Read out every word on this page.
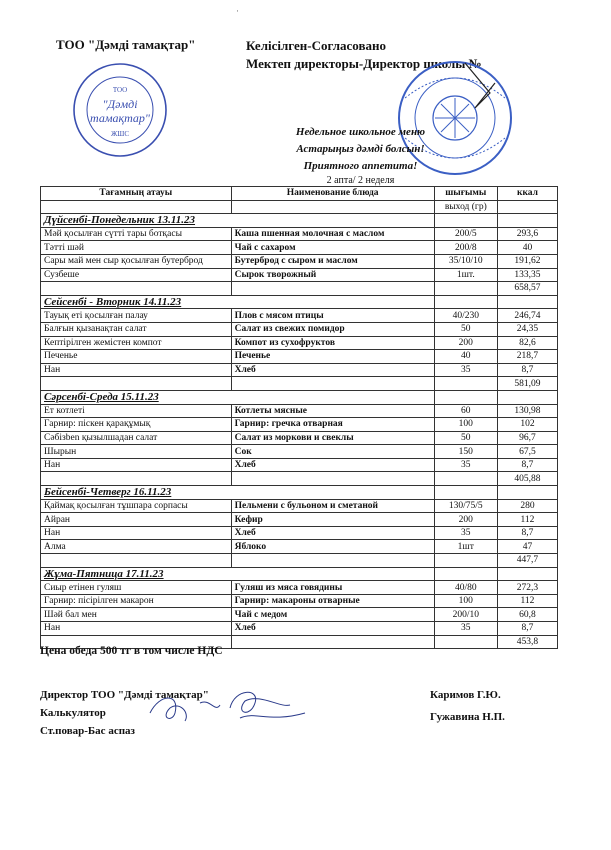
·
ТОО "Дәмді тамақтар"	Келісілген-Согласовано
Мектеп директоры-Директор школы №
ТОО
"Дәмді
тамақтар"
ЖШС	Недельное школьное меню
Астарыңыз дәмді болсын!
Приятного аппетита!
2 апта/ 2 неделя
Тағамның атауы	Наименование блюда	шығымы	ккал
		выход (гр)	
Дүйсенбі-Понедельник 13.11.23			
Мәй қосылған сүтті тары ботқасы	Каша пшенная молочная с маслом	200/5	293,6
Тәтті шәй	Чай с сахаром	200/8	40
Сары май мен сыр қосылған бутерброд	Бутерброд с сыром и маслом	35/10/10	191,62
Сузбеше	Сырок творожный	1шт.	133,35
			658,57
Сейсенбі - Вторник 14.11.23			
Тауық еті қосылған палау	Плов с мясом птицы	40/230	246,74
Балғын қызанақтан салат	Салат из свежих помидор	50	24,35
Кептірілген жемістен компот	Компот из сухофруктов	200	82,6
Печенье	Печенье	40	218,7
Нан	Хлеб	35	8,7
			581,09
Сәрсенбі-Среда 15.11.23			
Ет котлеті	Котлеты мясные	60	130,98
Гарнир: піскен қарақұмық	Гарнир: гречка отварная	100	102
Сәбізben қызылшадан салат	Салат из моркови и свеклы	50	96,7
Шырын	Сок	150	67,5
Нан	Хлеб	35	8,7
			405,88
Бейсенбі-Четверг 16.11.23			
Қаймақ қосылған тұшпара сорпасы	Пельмени с бульоном и сметаной	130/75/5	280
Айран	Кефир	200	112
Нан	Хлеб	35	8,7
Алма	Яблоко	1шт	47
			447,7
Жұма-Пятница 17.11.23			
Сиыр етінен гуляш	Гуляш из мяса говядины	40/80	272,3
Гарнир: пісірілген макарон	Гарнир: макароны отварные	100	112
Шәй бал мен	Чай с медом	200/10	60,8
Нан	Хлеб	35	8,7
			453,8
Цена обеда 500 тг в том числе НДС
Директор ТОО "Дәмді тамақтар"	Каримов Г.Ю.
Калькулятор	Гужавина Н.П.
Ст.повар-Бас аспаз
